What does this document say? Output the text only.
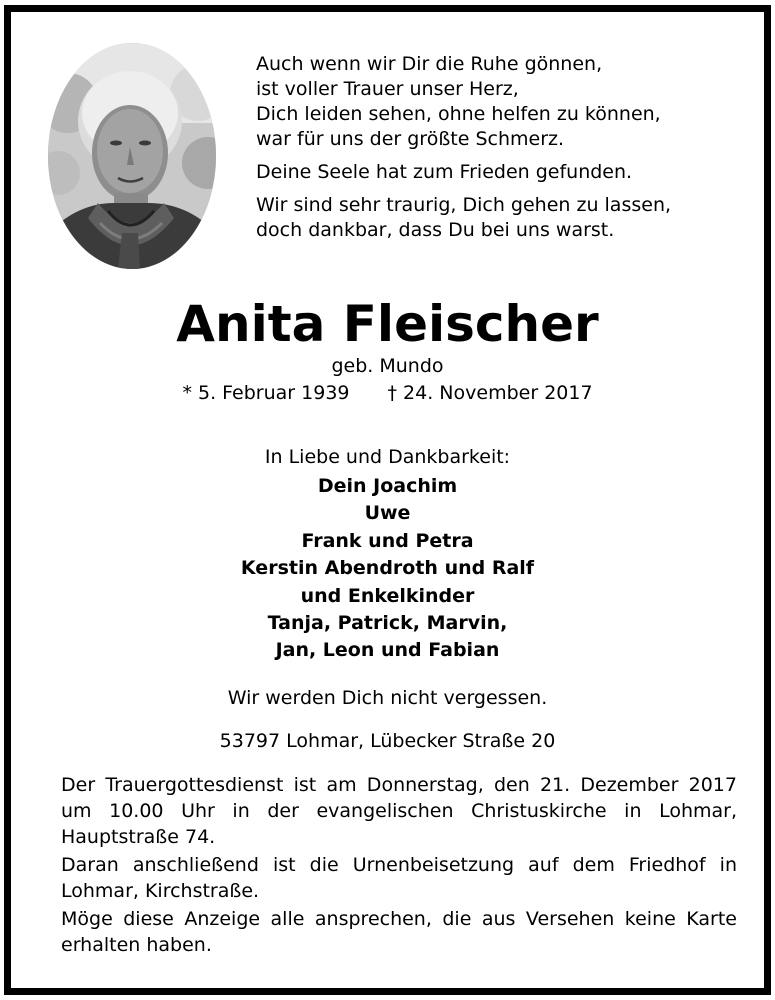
Auch wenn wir Dir die Ruhe gönnen,
ist voller Trauer unser Herz,
Dich leiden sehen, ohne helfen zu können,
war für uns der größte Schmerz.

Deine Seele hat zum Frieden gefunden.

Wir sind sehr traurig, Dich gehen zu lassen,
doch dankbar, dass Du bei uns warst.

Anita Fleischer
geb. Mundo
* 5. Februar 1939 † 24. November 2017
In Liebe und Dankbarkeit:
Dein Joachim
Uwe
Frank und Petra
Kerstin Abendroth und Ralf
und Enkelkinder
Tanja, Patrick, Marvin,
Jan, Leon und Fabian
Wir werden Dich nicht vergessen.
53797 Lohmar, Lübecker Straße 20

Der Trauergottesdienst ist am Donnerstag, den 21. Dezember 2017 um 10.00 Uhr in der evangelischen Christuskirche in Lohmar, Hauptstraße 74.

Daran anschließend ist die Urnenbeisetzung auf dem Friedhof in Lohmar, Kirchstraße.

Möge diese Anzeige alle ansprechen, die aus Versehen keine Karte erhalten haben.
